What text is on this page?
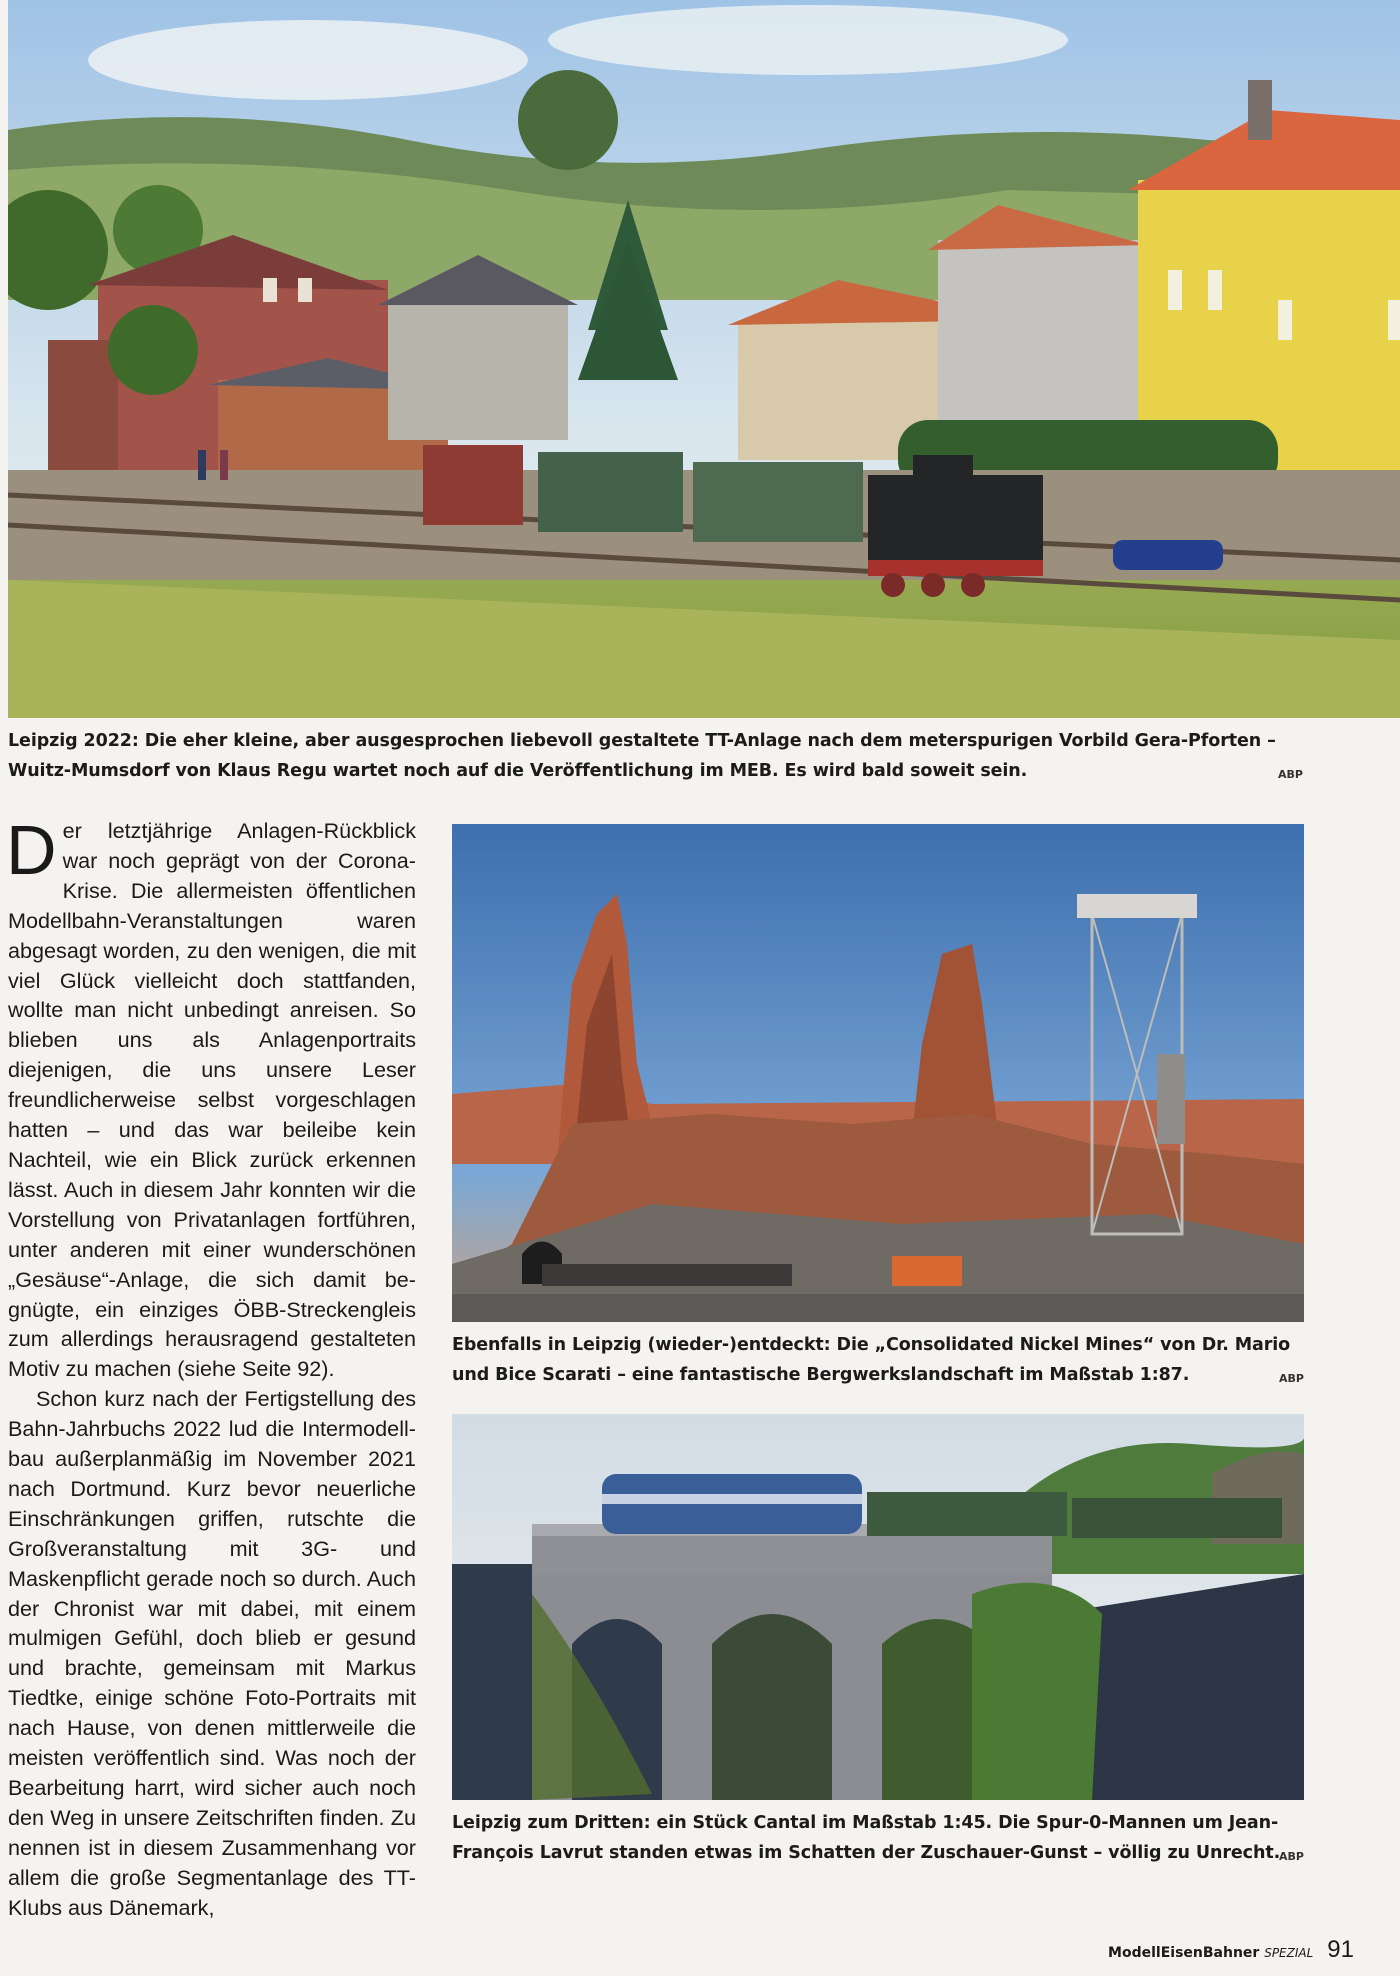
Leipzig 2022: Die eher kleine, aber ausgesprochen liebevoll gestaltete TT-Anlage nach dem meterspurigen Vorbild Gera-Pforten – Wuitz-Mumsdorf von Klaus Regu wartet noch auf die Veröffentlichung im MEB. Es wird bald soweit sein.	ABP
Ebenfalls in Leipzig (wieder-)entdeckt: Die „Consolidated Nickel Mines“ von Dr. Mario und Bice Scarati – eine fantastische Bergwerkslandschaft im Maßstab 1:87.	ABP
Leipzig zum Dritten: ein Stück Cantal im Maßstab 1:45. Die Spur-0-Mannen um Jean-François Lavrut standen etwas im Schatten der Zuschauer-Gunst – völlig zu Unrecht.
ABP

Der letztjährige Anlagen-Rückblick war noch geprägt von der Corona-Krise. Die allermeisten öffentlichen Modellbahn-Veranstaltungen waren abgesagt worden, zu den wenigen, die mit viel Glück vielleicht doch stattfanden, wollte man nicht unbedingt anreisen. So blieben uns als Anlagenportraits diejenigen, die uns unsere Leser freundlicherweise selbst vorgeschlagen hatten – und das war beileibe kein Nachteil, wie ein Blick zurück erkennen lässt. Auch in diesem Jahr konnten wir die Vorstellung von Privatanlagen fortführen, unter anderen mit einer wunderschönen „Gesäuse“-Anlage, die sich damit begnügte, ein einziges ÖBB-Streckengleis zum allerdings herausragend gestalteten Motiv zu machen (siehe Seite 92).

Schon kurz nach der Fertigstellung des Bahn-Jahrbuchs 2022 lud die Intermodellbau außerplanmäßig im November 2021 nach Dortmund. Kurz bevor neuerliche Einschränkungen griffen, rutschte die Großveranstaltung mit 3G- und Maskenpflicht gerade noch so durch. Auch der Chronist war mit dabei, mit einem mulmigen Gefühl, doch blieb er gesund und brachte, gemeinsam mit Markus Tiedtke, einige schöne Foto-Portraits mit nach Hause, von denen mittlerweile die meisten veröffentlich sind. Was noch der Bearbeitung harrt, wird sicher auch noch den Weg in unsere Zeitschriften finden. Zu nennen ist in diesem Zusammenhang vor allem die große Segmentanlage des TT-Klubs aus Dänemark,

ModellEisenBahner SPEZIAL 91
